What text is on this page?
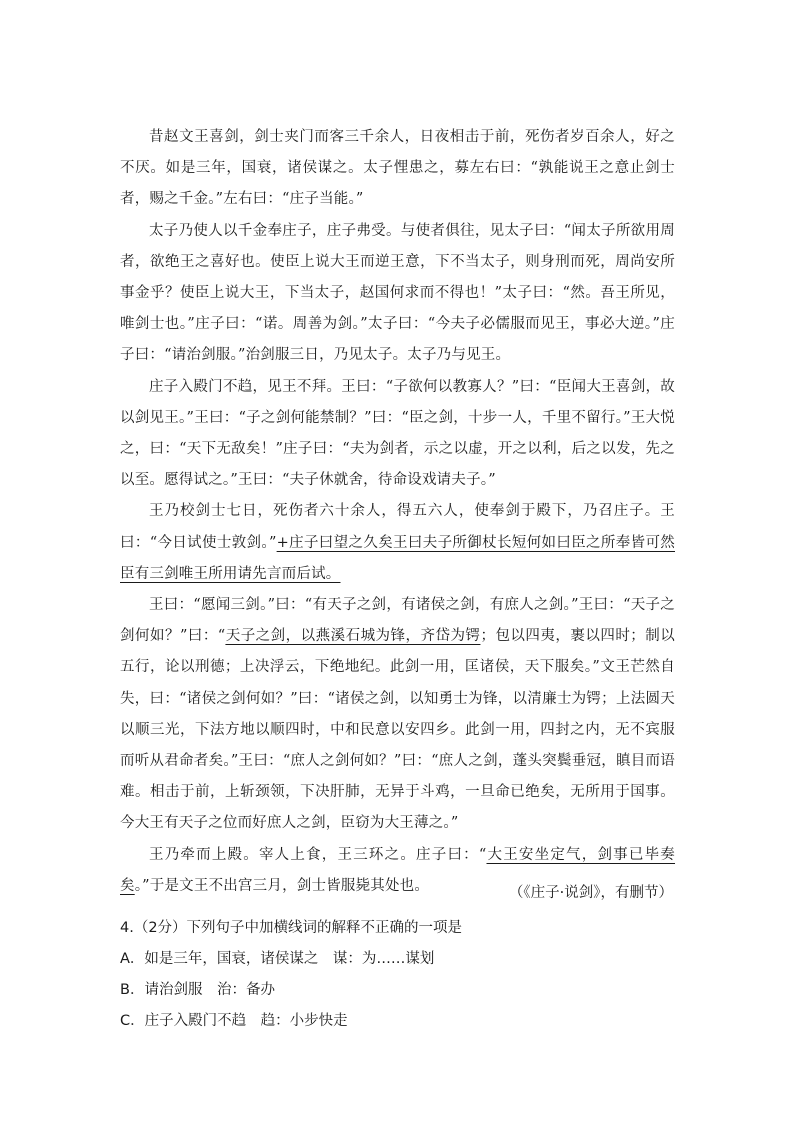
昔赵文王喜剑，剑士夹门而客三千余人，日夜相击于前，死伤者岁百余人，好之不厌。如是三年，国衰，诸侯谋之。太子悝患之，募左右曰：“孰能说王之意止剑士者，赐之千金。”左右曰：“庄子当能。”

太子乃使人以千金奉庄子，庄子弗受。与使者俱往，见太子曰：“闻太子所欲用周者，欲绝王之喜好也。使臣上说大王而逆王意，下不当太子，则身刑而死，周尚安所事金乎？使臣上说大王，下当太子，赵国何求而不得也！”太子曰：“然。吾王所见，唯剑士也。”庄子曰：“诺。周善为剑。”太子曰：“今夫子必儒服而见王，事必大逆。”庄子曰：“请治剑服。”治剑服三日，乃见太子。太子乃与见王。

庄子入殿门不趋，见王不拜。王曰：“子欲何以教寡人？”曰：“臣闻大王喜剑，故以剑见王。”王曰：“子之剑何能禁制？”曰：“臣之剑，十步一人，千里不留行。”王大悦之，曰：“天下无敌矣！”庄子曰：“夫为剑者，示之以虚，开之以利，后之以发，先之以至。愿得试之。”王曰：“夫子休就舍，待命设戏请夫子。”

王乃校剑士七日，死伤者六十余人，得五六人，使奉剑于殿下，乃召庄子。王曰：“今日试使士敦剑。”+庄子曰望之久矣王曰夫子所御杖长短何如曰臣之所奉皆可然臣有三剑唯王所用请先言而后试。

王曰：“愿闻三剑。”曰：“有天子之剑，有诸侯之剑，有庶人之剑。”王曰：“天子之剑何如？”曰：“天子之剑，以燕溪石城为锋，齐岱为锷；包以四夷，裹以四时；制以五行，论以刑德；上决浮云，下绝地纪。此剑一用，匡诸侯，天下服矣。”文王芒然自失，曰：“诸侯之剑何如？”曰：“诸侯之剑，以知勇士为锋，以清廉士为锷；上法圆天以顺三光，下法方地以顺四时，中和民意以安四乡。此剑一用，四封之内，无不宾服而听从君命者矣。”王曰：“庶人之剑何如？”曰：“庶人之剑，蓬头突鬓垂冠，瞋目而语难。相击于前，上斩颈领，下决肝肺，无异于斗鸡，一旦命已绝矣，无所用于国事。今大王有天子之位而好庶人之剑，臣窃为大王薄之。”

王乃牵而上殿。宰人上食，王三环之。庄子曰：“大王安坐定气，剑事已毕奏矣。”于是文王不出宫三月，剑士皆服毙其处也。	（《庄子·说剑》，有删节）
4.（2分）下列句子中加横线词的解释不正确的一项是
A．如是三年，国衰，诸侯谋之　谋：为……谋划
B．请治剑服　治：备办
C．庄子入殿门不趋　趋：小步快走
